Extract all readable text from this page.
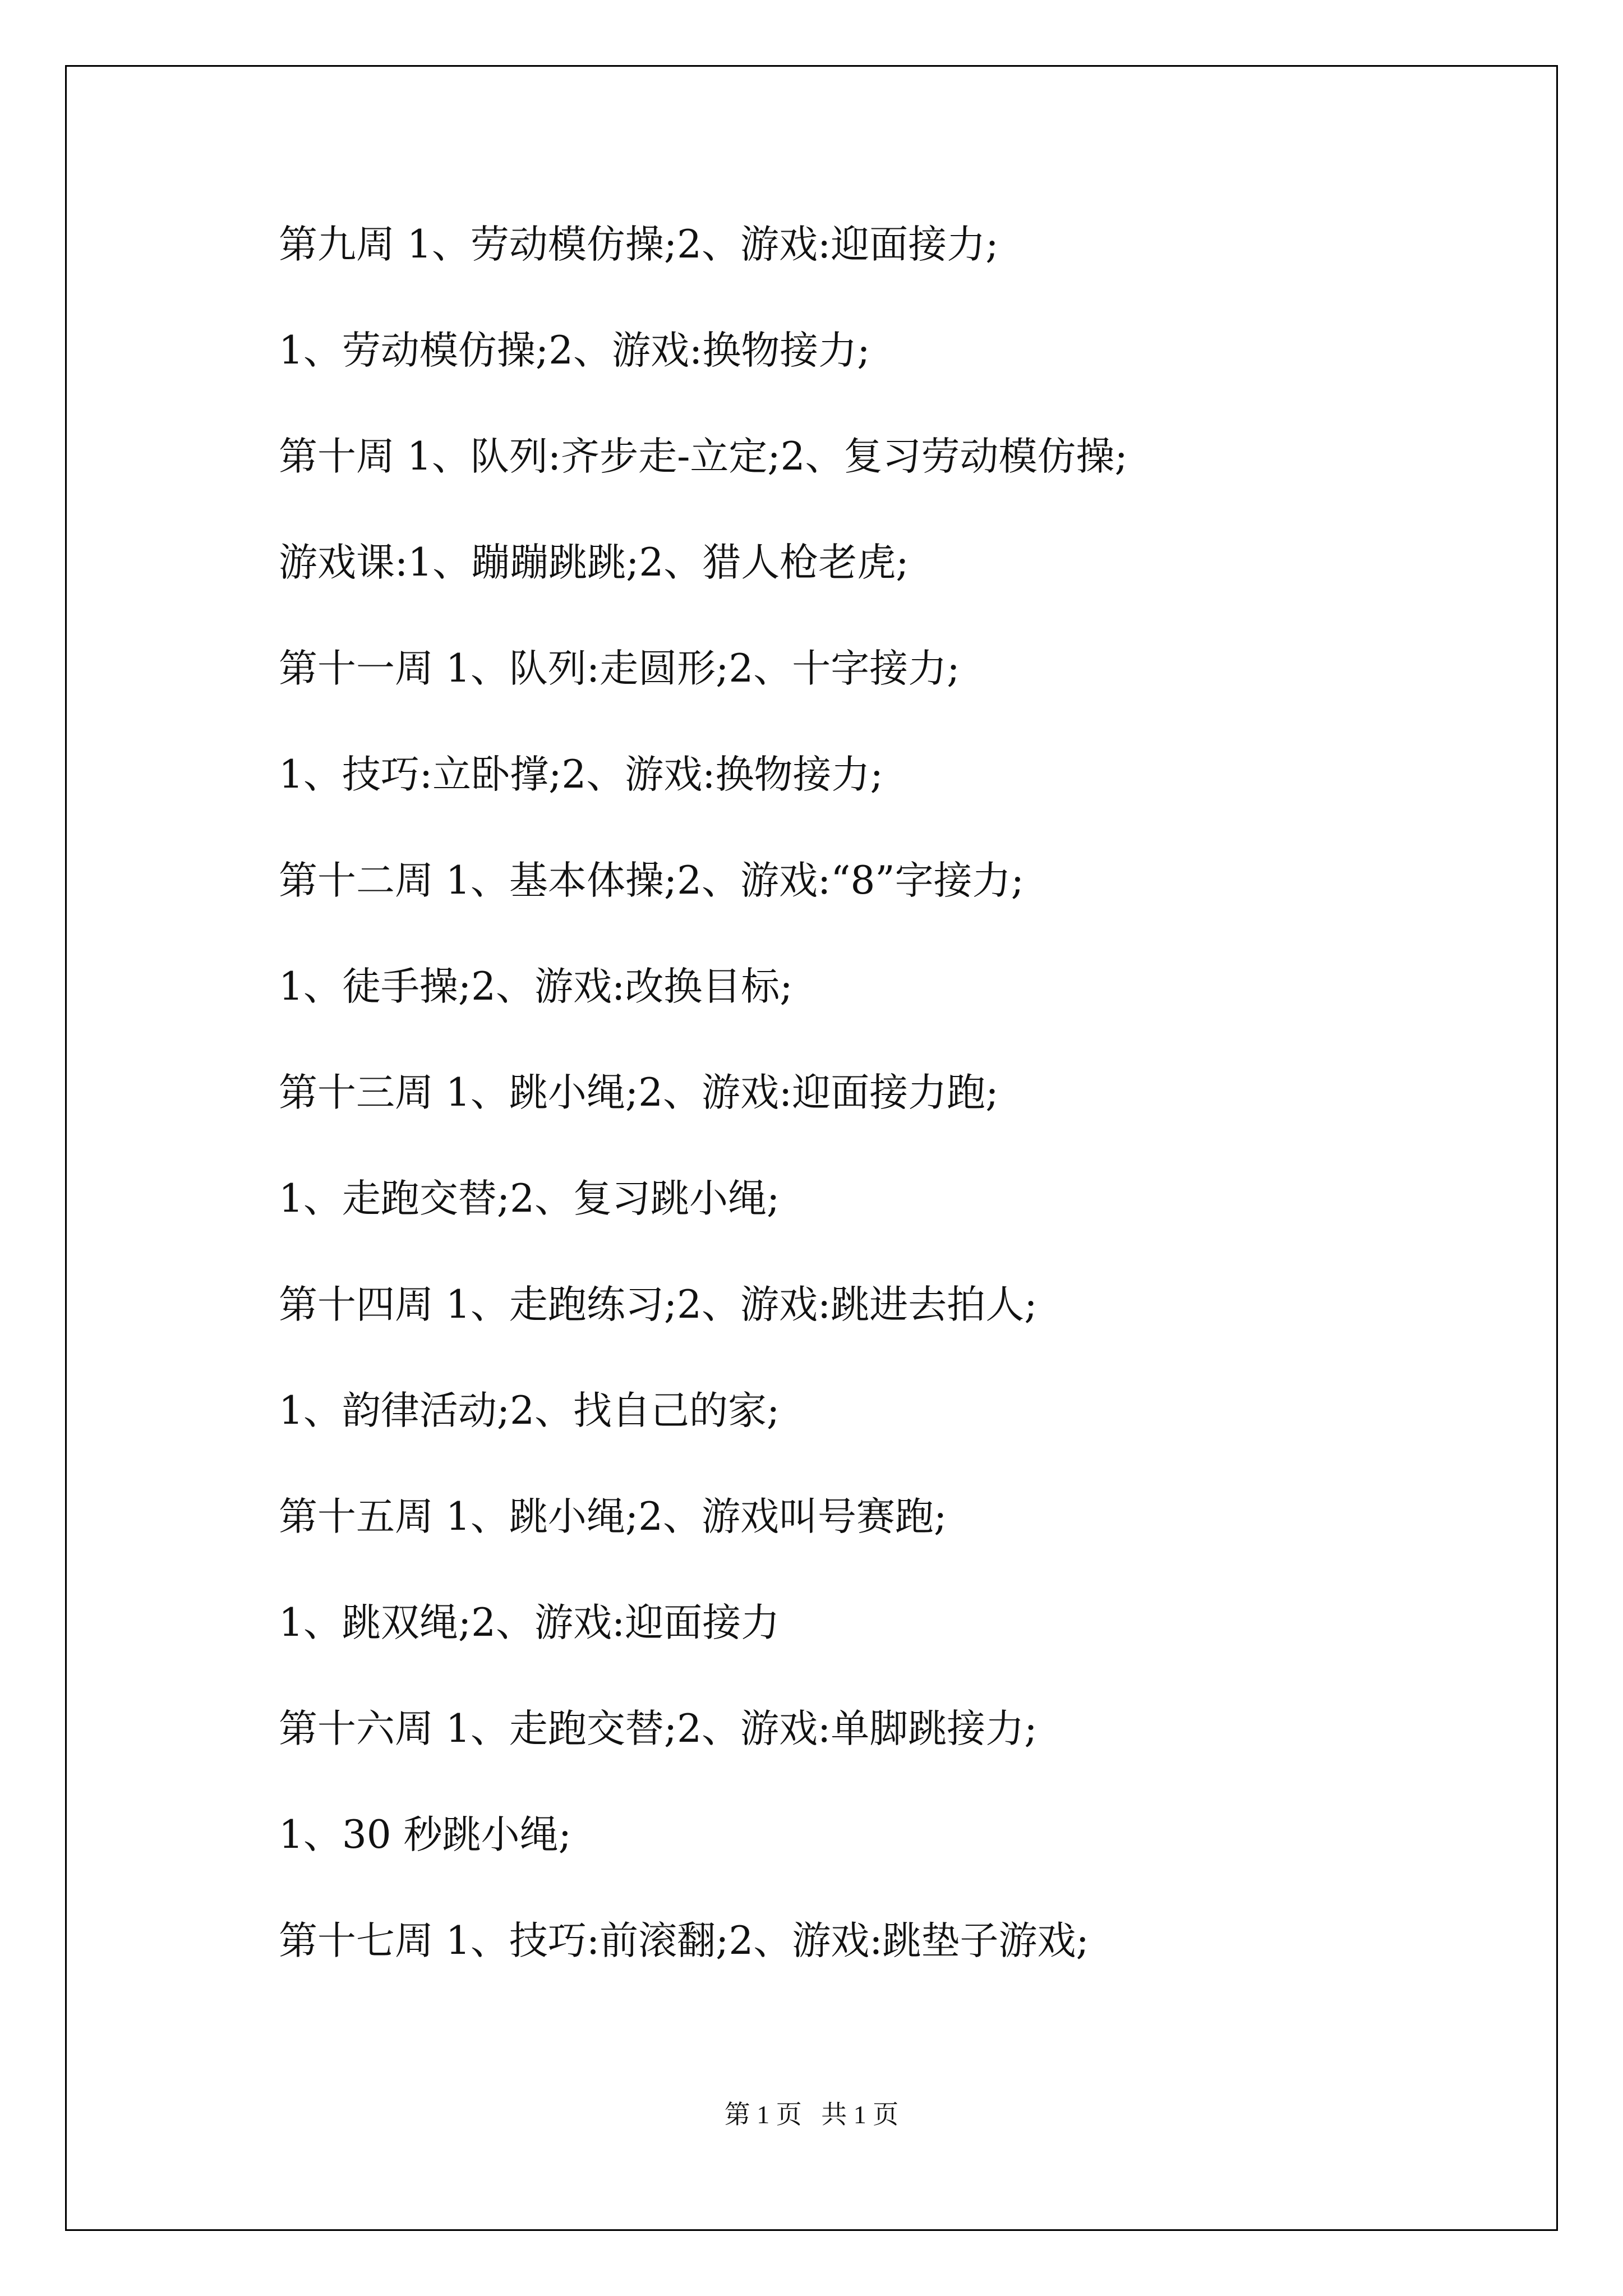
第九周 1、劳动模仿操;2、游戏:迎面接力;
1、劳动模仿操;2、游戏:换物接力;
第十周 1、队列:齐步走-立定;2、复习劳动模仿操;
游戏课:1、蹦蹦跳跳;2、猎人枪老虎;
第十一周 1、队列:走圆形;2、十字接力;
1、技巧:立卧撑;2、游戏:换物接力;
第十二周 1、基本体操;2、游戏:“8”字接力;
1、徒手操;2、游戏:改换目标;
第十三周 1、跳小绳;2、游戏:迎面接力跑;
1、走跑交替;2、复习跳小绳;
第十四周 1、走跑练习;2、游戏:跳进去拍人;
1、韵律活动;2、找自己的家;
第十五周 1、跳小绳;2、游戏叫号赛跑;
1、跳双绳;2、游戏:迎面接力
第十六周 1、走跑交替;2、游戏:单脚跳接力;
1、30 秒跳小绳;
第十七周 1、技巧:前滚翻;2、游戏:跳垫子游戏;
第 1 页   共 1 页
